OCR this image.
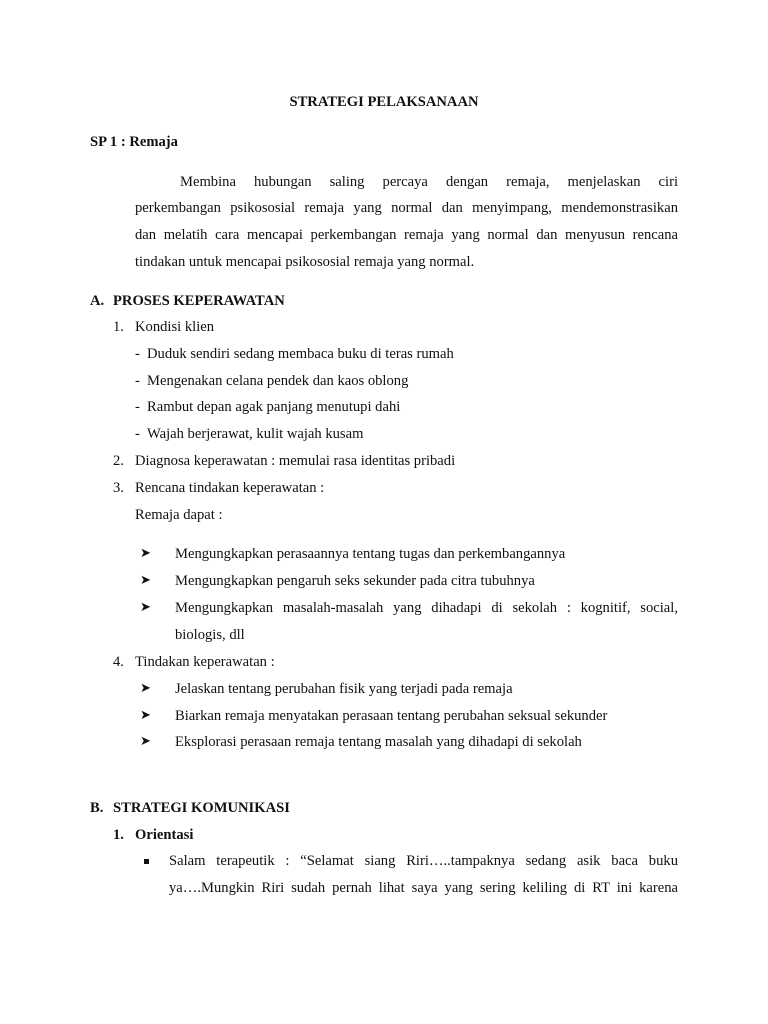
STRATEGI PELAKSANAAN
SP 1 : Remaja
Membina hubungan saling percaya dengan remaja, menjelaskan ciri
perkembangan psikososial remaja yang normal dan menyimpang, mendemonstrasikan
dan melatih cara mencapai perkembangan remaja yang normal dan menyusun rencana
tindakan untuk mencapai psikososial remaja yang normal.
A. PROSES KEPERAWATAN
1. Kondisi klien
- Duduk sendiri sedang membaca buku di teras rumah
- Mengenakan celana pendek dan kaos oblong
- Rambut depan agak panjang menutupi dahi
- Wajah berjerawat, kulit wajah kusam
2. Diagnosa keperawatan : memulai rasa identitas pribadi
3. Rencana tindakan keperawatan :
Remaja dapat :
➤ Mengungkapkan perasaannya tentang tugas dan perkembangannya
➤ Mengungkapkan pengaruh seks sekunder pada citra tubuhnya
➤ Mengungkapkan masalah-masalah yang dihadapi di sekolah : kognitif, social,
biologis, dll
4. Tindakan keperawatan :
➤ Jelaskan tentang perubahan fisik yang terjadi pada remaja
➤ Biarkan remaja menyatakan perasaan tentang perubahan seksual sekunder
➤ Eksplorasi perasaan remaja tentang masalah yang dihadapi di sekolah
B. STRATEGI KOMUNIKASI
1. Orientasi
Salam terapeutik : “Selamat siang Riri…..tampaknya sedang asik baca buku
ya….Mungkin Riri sudah pernah lihat saya yang sering keliling di RT ini karena
